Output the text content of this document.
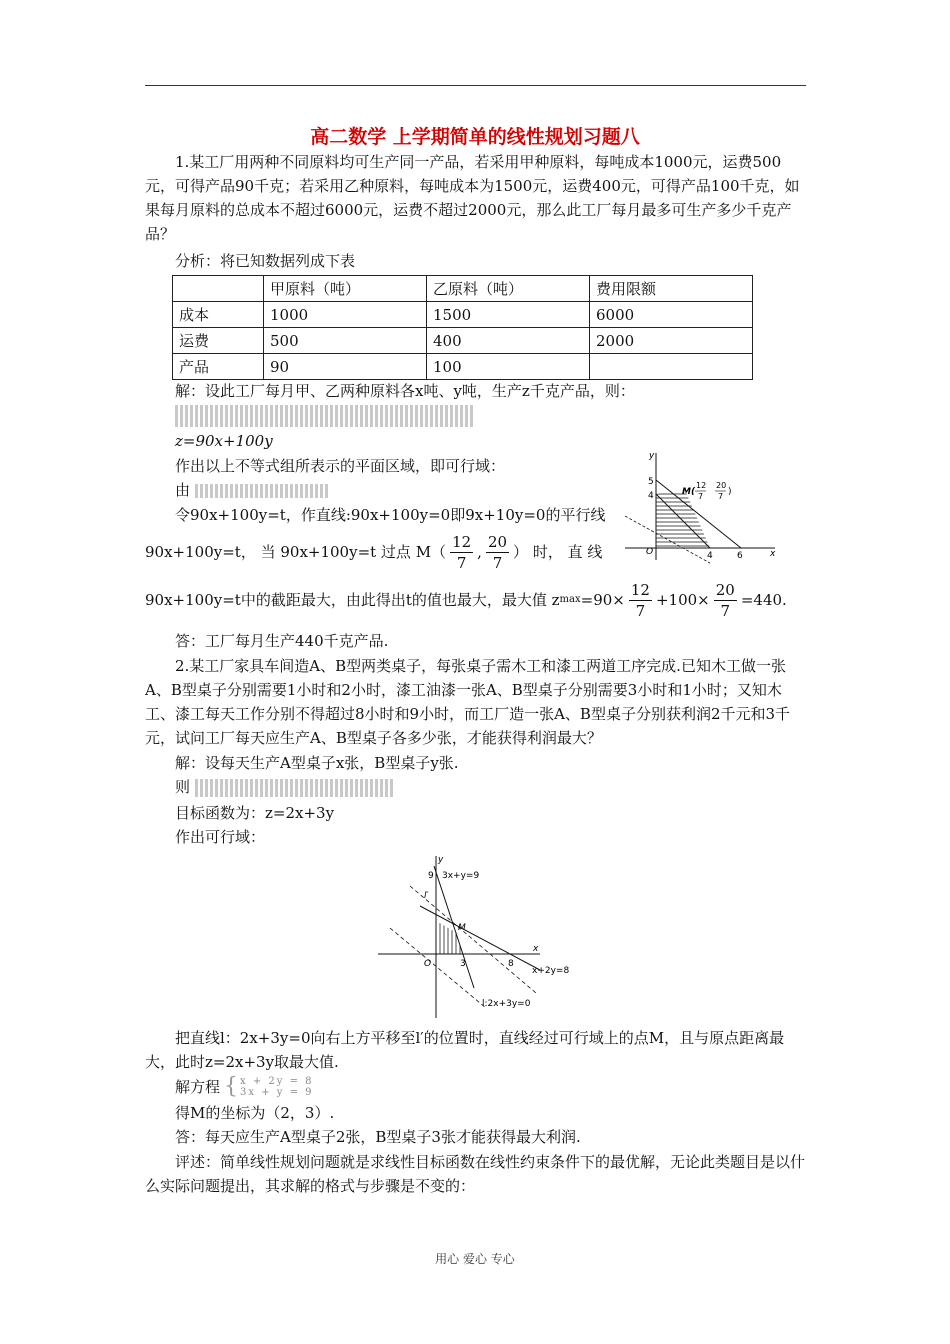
高二数学 上学期简单的线性规划习题八

1.某工厂用两种不同原料均可生产同一产品，若采用甲种原料，每吨成本1000元，运费500元，可得产品90千克；若采用乙种原料，每吨成本为1500元，运费400元，可得产品100千克，如果每月原料的总成本不超过6000元，运费不超过2000元，那么此工厂每月最多可生产多少千克产品？

分析：将已知数据列成下表
	甲原料（吨）	乙原料（吨）	费用限额
成本	1000	1500	6000
运费	500	400	2000
产品	90	100	
解：设此工厂每月甲、乙两种原料各x吨、y吨，生产z千克产品，则：
z=90x+100y
作出以上不等式组所表示的平面区域，即可行域：
由
令90x+100y=t，作直线:90x+100y=0即9x+10y=0的平行线
90x+100y=t， 当 90x+100y=t 过点 $M( \frac{12}{7}$ , $\frac{20}{7}$ ） 时， 直 线
90x+100y=t中的截距最大，由此得出t的值也最大，最大值 z $\max =90\times \frac{12}{7} +100\times \frac{20}{7} =440$.
答：工厂每月生产440千克产品.
y
x
O
5
4
4	6
M(
12
7
20
7 )

2.某工厂家具车间造A、B型两类桌子，每张桌子需木工和漆工两道工序完成.已知木工做一张A、B型桌子分别需要1小时和2小时，漆工油漆一张A、B型桌子分别需要3小时和1小时；又知木工、漆工每天工作分别不得超过8小时和9小时，而工厂造一张A、B型桌子分别获利润2千元和3千元，试问工厂每天应生产A、B型桌子各多少张，才能获得利润最大？

解：设每天生产A型桌子x张，B型桌子y张.
则
目标函数为：z=2x+3y
作出可行域：
y
x
O
9 3x+y=9
l′
M
3	8
x+2y=8
l:2x+3y=0

把直线l：2x+3y=0向右上方平移至l′的位置时，直线经过可行域上的点M，且与原点距离最大，此时z=2x+3y取最大值.

解方程 { x + 2y = 8
3x + y = 9
得M的坐标为（2，3）.
答：每天应生产A型桌子2张，B型桌子3张才能获得最大利润.

评述：简单线性规划问题就是求线性目标函数在线性约束条件下的最优解，无论此类题目是以什么实际问题提出，其求解的格式与步骤是不变的：

用心 爱心 专心
